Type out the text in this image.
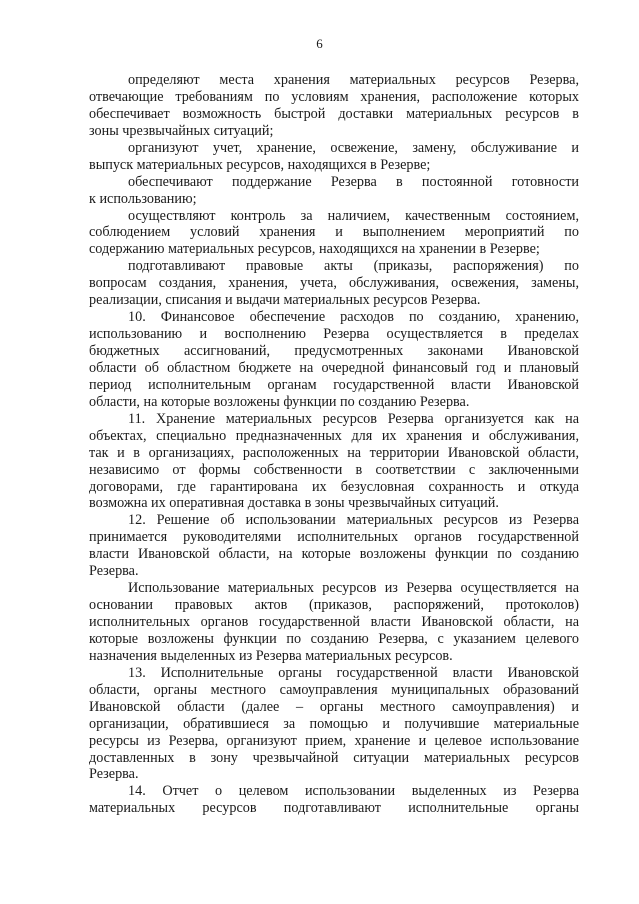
6
определяют места хранения материальных ресурсов Резерва,
отвечающие требованиям по условиям хранения, расположение которых
обеспечивает возможность быстрой доставки материальных ресурсов в
зоны чрезвычайных ситуаций;
организуют учет, хранение, освежение, замену, обслуживание и
выпуск материальных ресурсов, находящихся в Резерве;
обеспечивают поддержание Резерва в постоянной готовности
к использованию;
осуществляют контроль за наличием, качественным состоянием,
соблюдением условий хранения и выполнением мероприятий по
содержанию материальных ресурсов, находящихся на хранении в Резерве;
подготавливают правовые акты (приказы, распоряжения) по
вопросам создания, хранения, учета, обслуживания, освежения, замены,
реализации, списания и выдачи материальных ресурсов Резерва.
10. Финансовое обеспечение расходов по созданию, хранению,
использованию и восполнению Резерва осуществляется в пределах
бюджетных ассигнований, предусмотренных законами Ивановской
области об областном бюджете на очередной финансовый год и плановый
период исполнительным органам государственной власти Ивановской
области, на которые возложены функции по созданию Резерва.
11. Хранение материальных ресурсов Резерва организуется как на
объектах, специально предназначенных для их хранения и обслуживания,
так и в организациях, расположенных на территории Ивановской области,
независимо от формы собственности в соответствии с заключенными
договорами, где гарантирована их безусловная сохранность и откуда
возможна их оперативная доставка в зоны чрезвычайных ситуаций.
12. Решение об использовании материальных ресурсов из Резерва
принимается руководителями исполнительных органов государственной
власти Ивановской области, на которые возложены функции по созданию
Резерва.
Использование материальных ресурсов из Резерва осуществляется на
основании правовых актов (приказов, распоряжений, протоколов)
исполнительных органов государственной власти Ивановской области, на
которые возложены функции по созданию Резерва, с указанием целевого
назначения выделенных из Резерва материальных ресурсов.
13. Исполнительные органы государственной власти Ивановской
области, органы местного самоуправления муниципальных образований
Ивановской области (далее – органы местного самоуправления) и
организации, обратившиеся за помощью и получившие материальные
ресурсы из Резерва, организуют прием, хранение и целевое использование
доставленных в зону чрезвычайной ситуации материальных ресурсов
Резерва.
14. Отчет о целевом использовании выделенных из Резерва
материальных ресурсов подготавливают исполнительные органы
